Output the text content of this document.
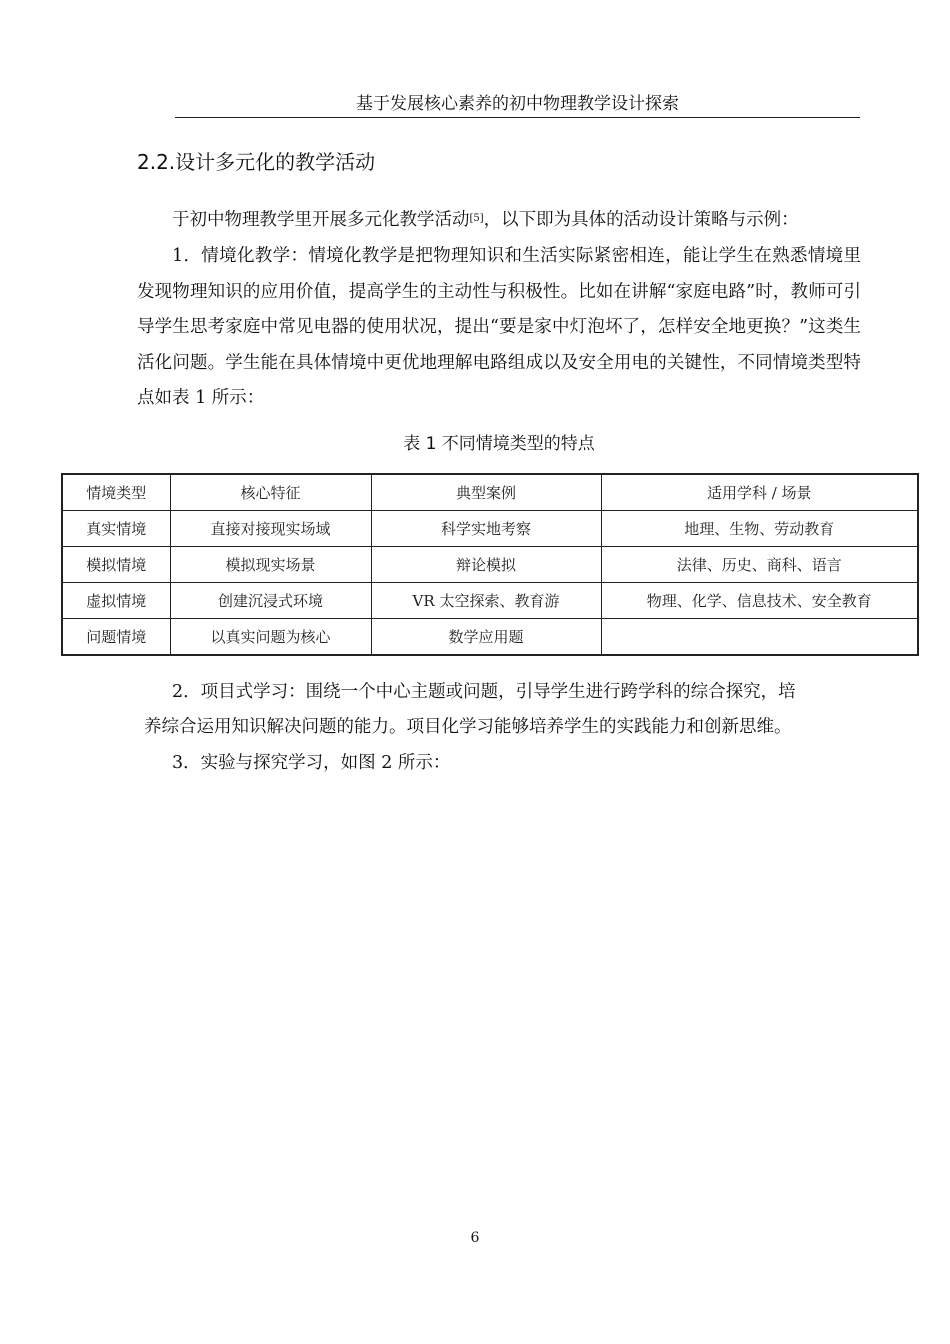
基于发展核心素养的初中物理教学设计探索
2.2.设计多元化的教学活动

于初中物理教学里开展多元化教学活动[5]，以下即为具体的活动设计策略与示例：

1．情境化教学：情境化教学是把物理知识和生活实际紧密相连，能让学生在熟悉情境里发现物理知识的应用价值，提高学生的主动性与积极性。比如在讲解“家庭电路”时，教师可引导学生思考家庭中常见电器的使用状况，提出“要是家中灯泡坏了，怎样安全地更换？”这类生活化问题。学生能在具体情境中更优地理解电路组成以及安全用电的关键性，不同情境类型特点如表 1 所示：

表 1 不同情境类型的特点
情境类型	核心特征	典型案例	适用学科 / 场景
真实情境	直接对接现实场域	科学实地考察	地理、生物、劳动教育
模拟情境	模拟现实场景	辩论模拟	法律、历史、商科、语言
虚拟情境	创建沉浸式环境	VR 太空探索、教育游	物理、化学、信息技术、安全教育
问题情境	以真实问题为核心	数学应用题	

2．项目式学习：围绕一个中心主题或问题，引导学生进行跨学科的综合探究，培

养综合运用知识解决问题的能力。项目化学习能够培养学生的实践能力和创新思维。

3．实验与探究学习，如图 2 所示：

6
